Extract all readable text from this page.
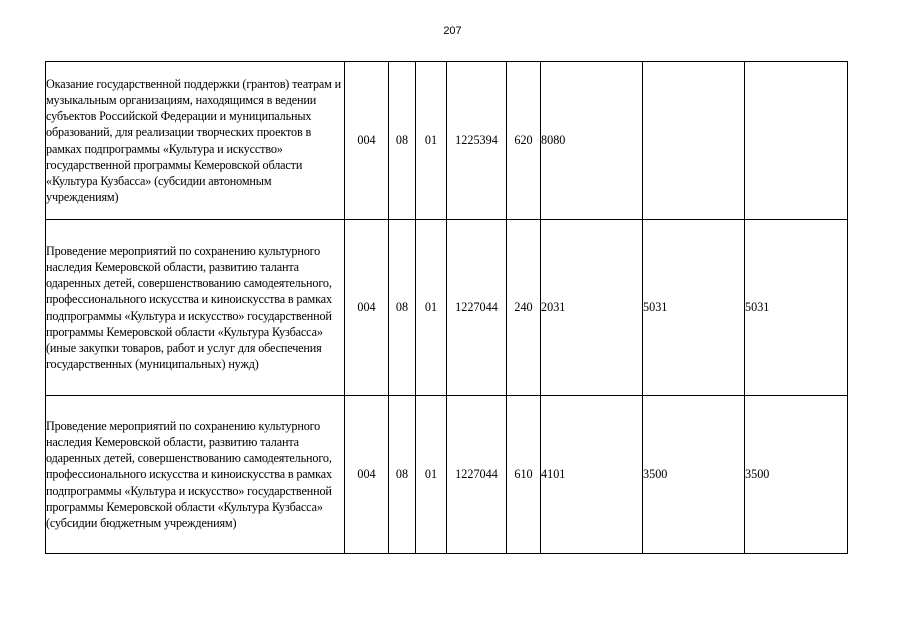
207
Оказание государственной поддержки (грантов) театрам и музыкальным организациям, находящимся в ведении субъектов Российской Федерации и муниципальных образований, для реализации творческих проектов в рамках подпрограммы «Культура и искусство» государственной программы Кемеровской области «Культура Кузбасса» (субсидии автономным учреждениям)	004	08	01	1225394	620	8080		
Проведение мероприятий по сохранению культурного наследия Кемеровской области, развитию таланта одаренных детей, совершенствованию самодеятельного, профессионального искусства и киноискусства в рамках подпрограммы «Культура и искусство» государственной программы Кемеровской области «Культура Кузбасса» (иные закупки товаров, работ и услуг для обеспечения государственных (муниципальных) нужд)	004	08	01	1227044	240	2031	5031	5031
Проведение мероприятий по сохранению культурного наследия Кемеровской области, развитию таланта одаренных детей, совершенствованию самодеятельного, профессионального искусства и киноискусства в рамках подпрограммы «Культура и искусство» государственной программы Кемеровской области «Культура Кузбасса» (субсидии бюджетным учреждениям)	004	08	01	1227044	610	4101	3500	3500
